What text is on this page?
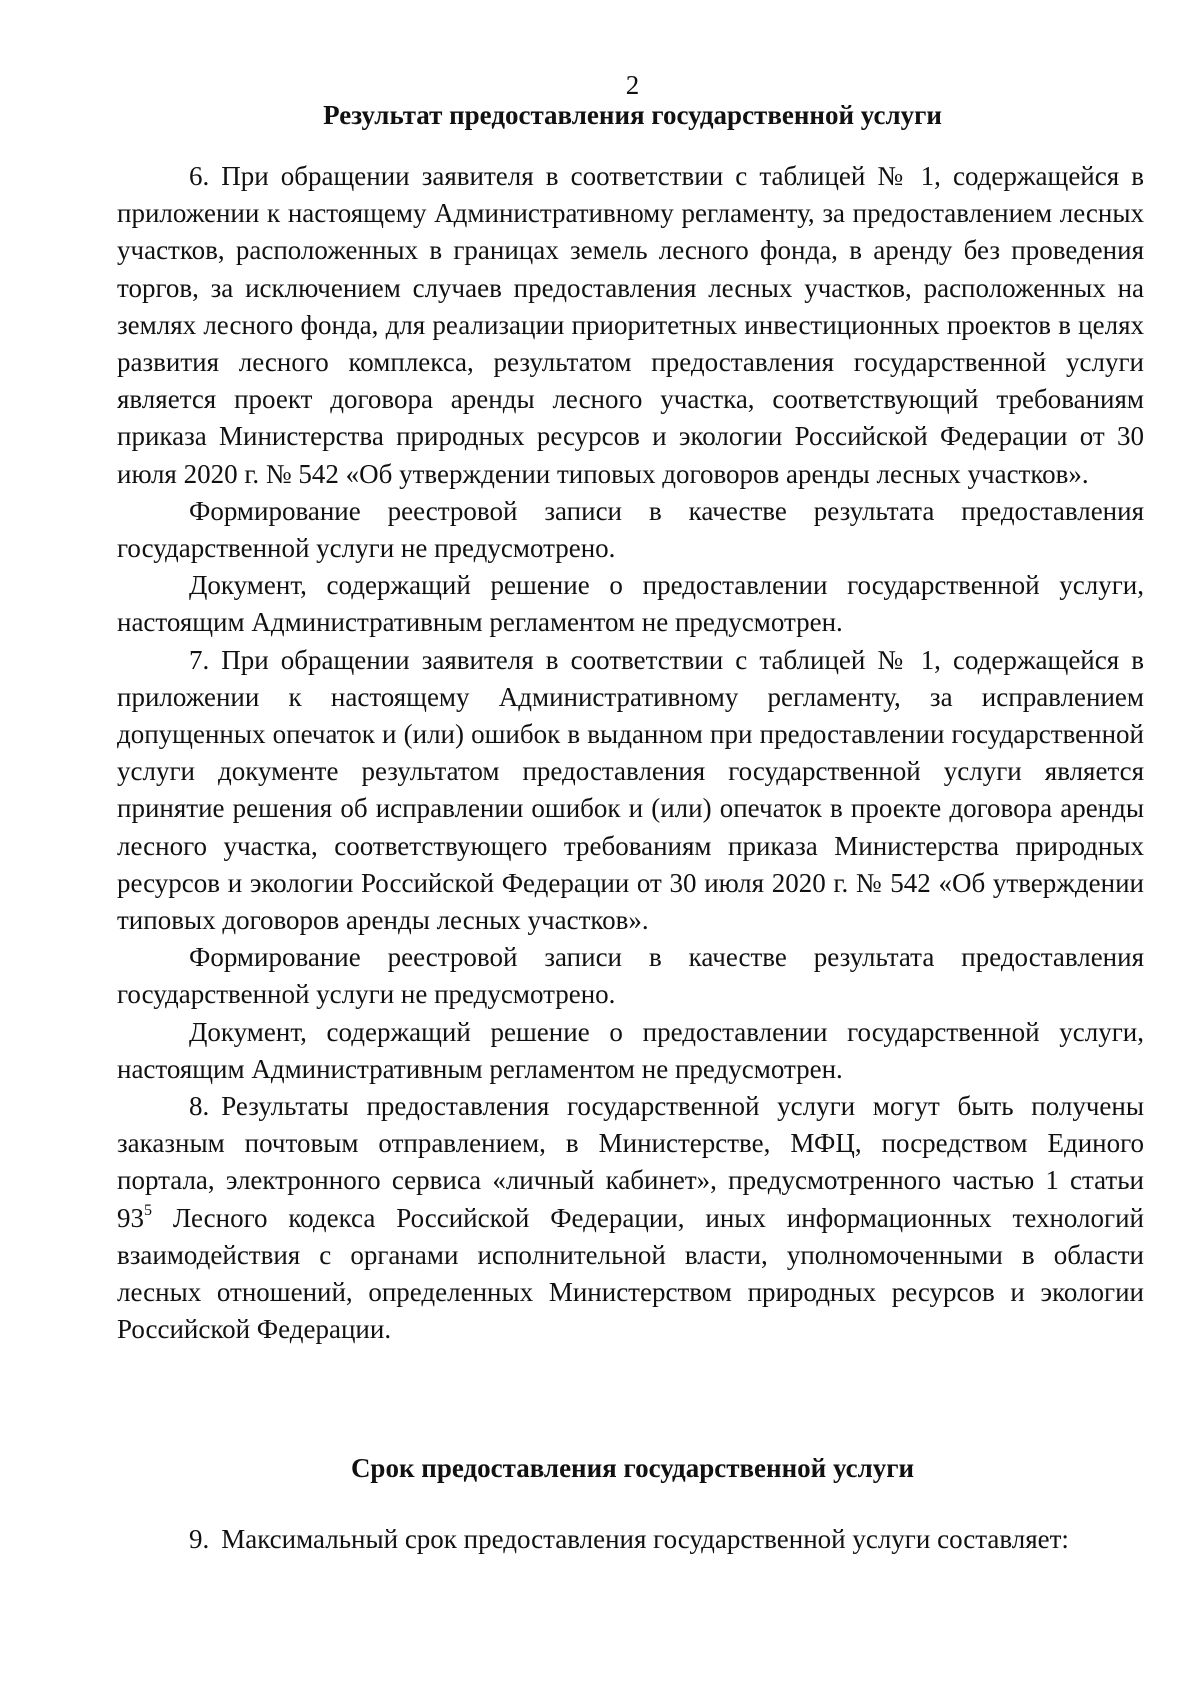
2
Результат предоставления государственной услуги

6. При обращении заявителя в соответствии с таблицей № 1, содержащейся в приложении к настоящему Административному регламенту, за предоставлением лесных участков, расположенных в границах земель лесного фонда, в аренду без проведения торгов, за исключением случаев предоставления лесных участков, расположенных на землях лесного фонда, для реализации приоритетных инвестиционных проектов в целях развития лесного комплекса, результатом предоставления государственной услуги является проект договора аренды лесного участка, соответствующий требованиям приказа Министерства природных ресурсов и экологии Российской Федерации от 30 июля 2020 г. № 542 «Об утверждении типовых договоров аренды лесных участков».

Формирование реестровой записи в качестве результата предоставления государственной услуги не предусмотрено.

Документ, содержащий решение о предоставлении государственной услуги, настоящим Административным регламентом не предусмотрен.

7. При обращении заявителя в соответствии с таблицей № 1, содержащейся в приложении к настоящему Административному регламенту, за исправлением допущенных опечаток и (или) ошибок в выданном при предоставлении государственной услуги документе результатом предоставления государственной услуги является принятие решения об исправлении ошибок и (или) опечаток в проекте договора аренды лесного участка, соответствующего требованиям приказа Министерства природных ресурсов и экологии Российской Федерации от 30 июля 2020 г. № 542 «Об утверждении типовых договоров аренды лесных участков».

Формирование реестровой записи в качестве результата предоставления государственной услуги не предусмотрено.

Документ, содержащий решение о предоставлении государственной услуги, настоящим Административным регламентом не предусмотрен.

8. Результаты предоставления государственной услуги могут быть получены заказным почтовым отправлением, в Министерстве, МФЦ, посредством Единого портала, электронного сервиса «личный кабинет», предусмотренного частью 1 статьи $93^5$ Лесного кодекса Российской Федерации, иных информационных технологий взаимодействия с органами исполнительной власти, уполномоченными в области лесных отношений, определенных Министерством природных ресурсов и экологии Российской Федерации.

Срок предоставления государственной услуги

9. Максимальный срок предоставления государственной услуги составляет:
